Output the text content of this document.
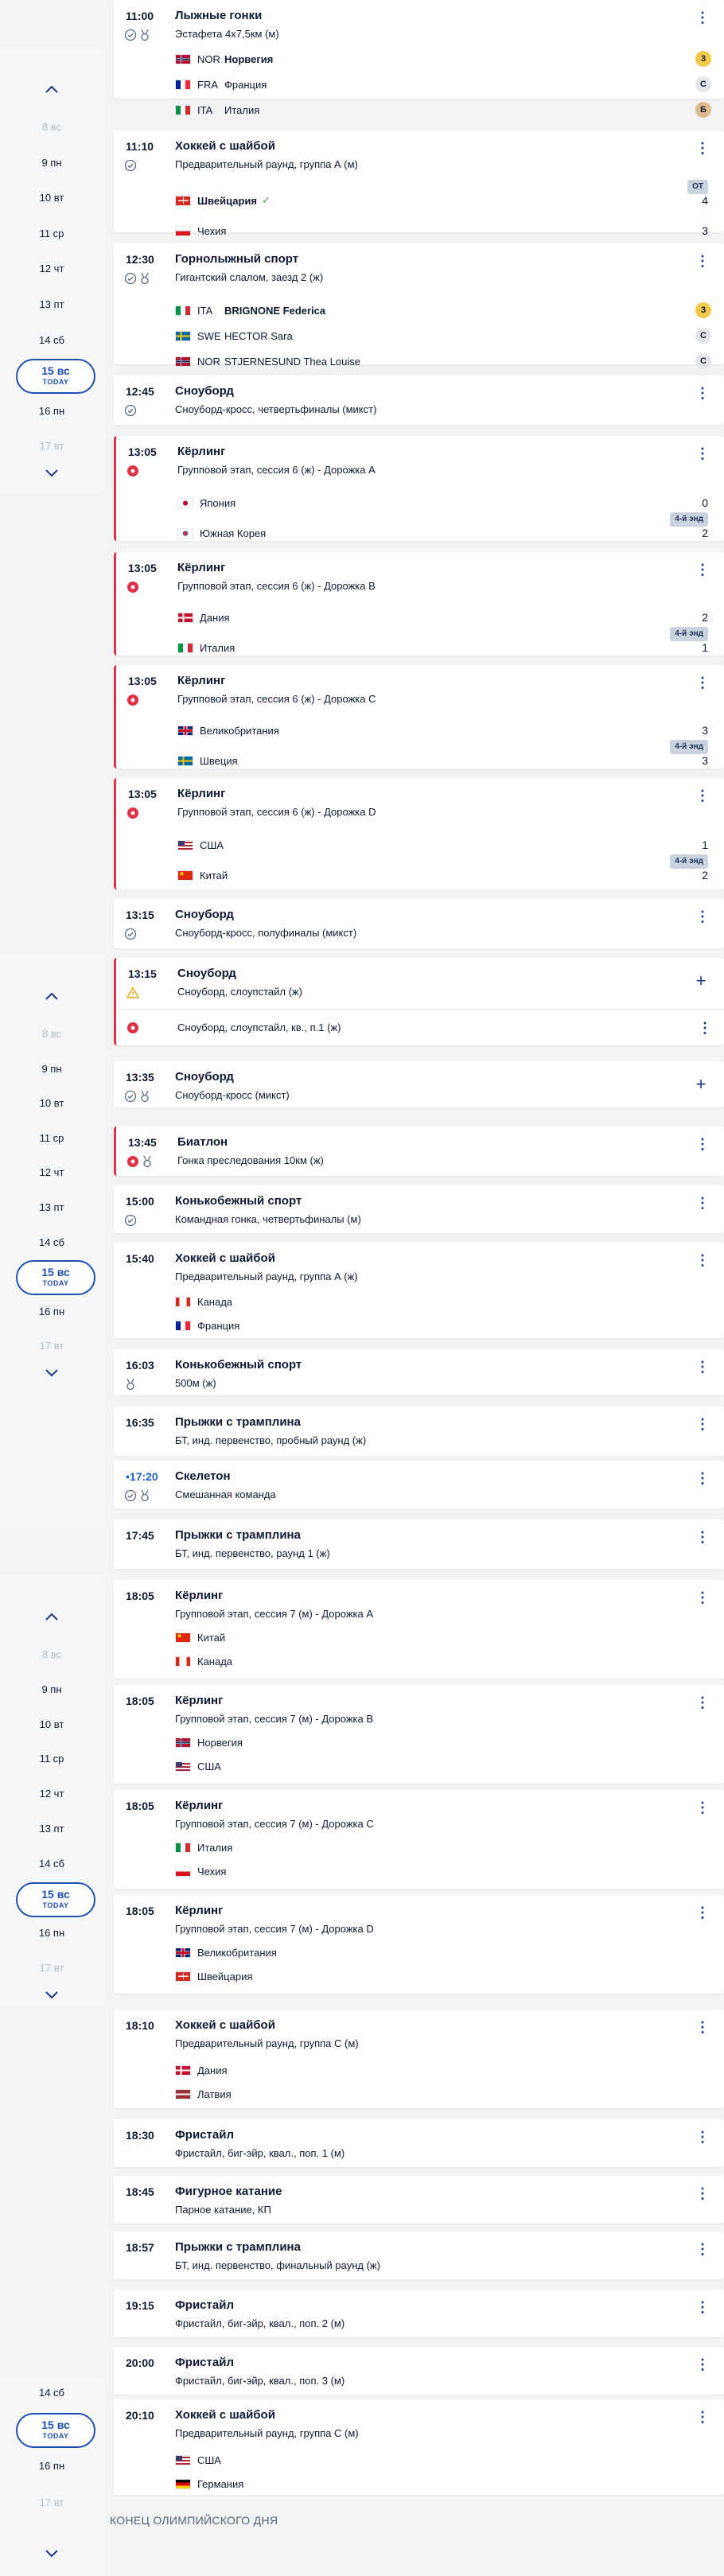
8 вс
9 пн
10 вт
11 ср
12 чт
13 пт
14 сб
15 вс
TODAY
16 пн
17 вт
8 вс
9 пн
10 вт
11 ср
12 чт
13 пт
14 сб
15 вс
TODAY
16 пн
17 вт
8 вс
9 пн
10 вт
11 ср
12 чт
13 пт
14 сб
15 вс
TODAY
16 пн
17 вт
14 сб
15 вс
TODAY
16 пн
17 вт
11:00 Лыжные гонки
Эстафета 4х7,5км (м)
⋮
NOR Норвегия	3
FRA Франция	С
ITA	Италия	Б
11:10 Хоккей с шайбой
Предварительный раунд, группа А (м)
⋮
Швейцария ✓	4
ОТ
Чехия	3
12:30 Горнолыжный спорт
Гигантский слалом, заезд 2 (ж)
⋮
ITA	BRIGNONE Federica	3
SWE HECTOR Sara	С
NOR STJERNESUND Thea Louise	С
12:45 Сноуборд
Сноуборд-кросс, четвертьфиналы (микст)
⋮
13:05 Кёрлинг
Групповой этап, сессия 6 (ж) - Дорожка А
⋮
Япония	0
Южная Корея	2
4-й энд
13:05 Кёрлинг
Групповой этап, сессия 6 (ж) - Дорожка B
⋮
Дания	2
Италия	1
4-й энд
13:05 Кёрлинг
Групповой этап, сессия 6 (ж) - Дорожка C
⋮
Великобритания	3
Швеция	3
4-й энд
13:05 Кёрлинг
Групповой этап, сессия 6 (ж) - Дорожка D
⋮
США	1
Китай	2
4-й энд
13:15 Сноуборд
Сноуборд-кросс, полуфиналы (микст)
⋮
13:15 Сноуборд
Сноуборд, слоупстайл (ж)
+
Сноуборд, слоупстайл, кв., п.1 (ж)	⋮
13:35 Сноуборд
Сноуборд-кросс (микст)
+
13:45 Биатлон
Гонка преследования 10км (ж)
⋮
15:00 Конькобежный спорт
Командная гонка, четвертьфиналы (м)
⋮
15:40 Хоккей с шайбой
Предварительный раунд, группа А (ж)
⋮
Канада
Франция
16:03 Конькобежный спорт
500м (ж)
⋮
16:35 Прыжки с трамплина
БТ, инд. первенство, пробный раунд (ж)
⋮
•17:20 Скелетон
Смешанная команда
⋮
17:45 Прыжки с трамплина
БТ, инд. первенство, раунд 1 (ж)
⋮
18:05 Кёрлинг
Групповой этап, сессия 7 (м) - Дорожка А
⋮
Китай
Канада
18:05 Кёрлинг
Групповой этап, сессия 7 (м) - Дорожка B
⋮
Норвегия
США
18:05 Кёрлинг
Групповой этап, сессия 7 (м) - Дорожка C
⋮
Италия
Чехия
18:05 Кёрлинг
Групповой этап, сессия 7 (м) - Дорожка D
⋮
Великобритания
Швейцария
18:10 Хоккей с шайбой
Предварительный раунд, группа С (м)
⋮
Дания
Латвия
18:30 Фристайл
Фристайл, биг-эйр, квал., поп. 1 (м)
⋮
18:45 Фигурное катание
Парное катание, КП
⋮
18:57 Прыжки с трамплина
БТ, инд. первенство, финальный раунд (ж)
⋮
19:15 Фристайл
Фристайл, биг-эйр, квал., поп. 2 (м)
⋮
20:00 Фристайл
Фристайл, биг-эйр, квал., поп. 3 (м)
⋮
20:10 Хоккей с шайбой
Предварительный раунд, группа С (м)
⋮
США
Германия
КОНЕЦ ОЛИМПИЙСКОГО ДНЯ
